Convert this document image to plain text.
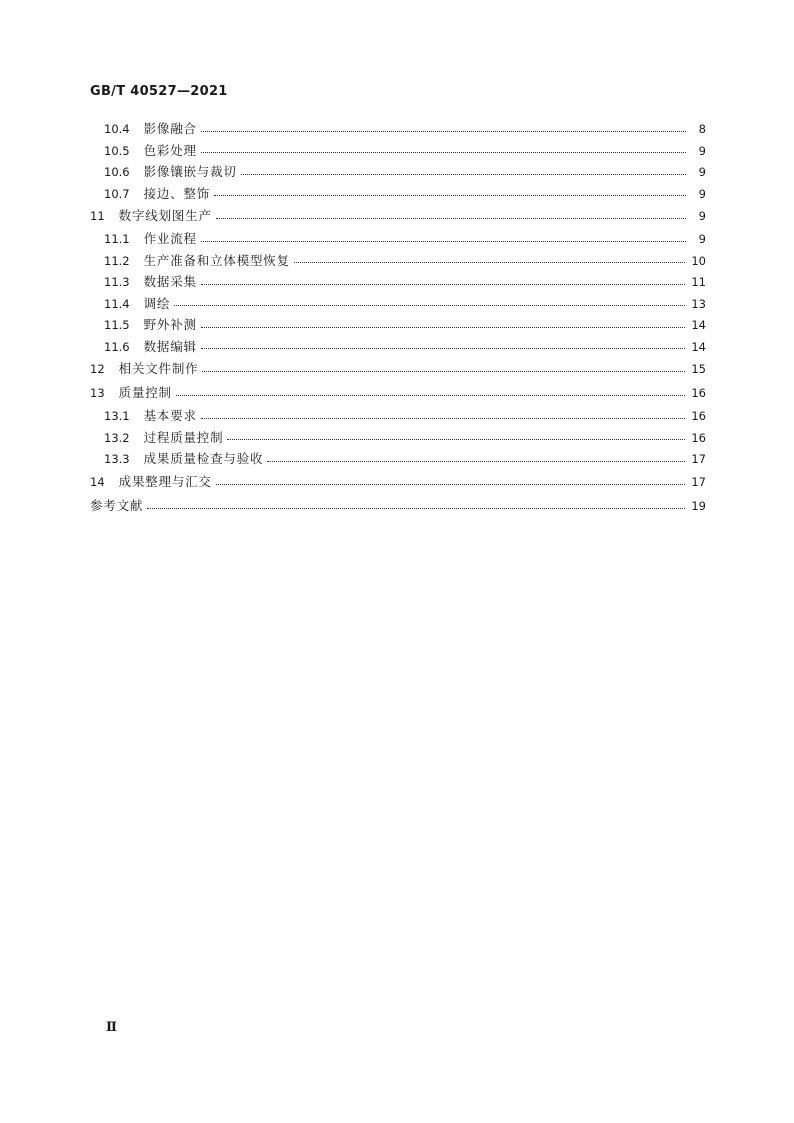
GB/T 40527—2021
10.4 影像融合	8
10.5 色彩处理	9
10.6 影像镶嵌与裁切	9
10.7 接边、整饰	9
11 数字线划图生产	9
11.1 作业流程	9
11.2 生产准备和立体模型恢复	10
11.3 数据采集	11
11.4 调绘	13
11.5 野外补测	14
11.6 数据编辑	14
12 相关文件制作	15
13 质量控制	16
13.1 基本要求	16
13.2 过程质量控制	16
13.3 成果质量检查与验收	17
14 成果整理与汇交	17
参考文献	19
Ⅱ
